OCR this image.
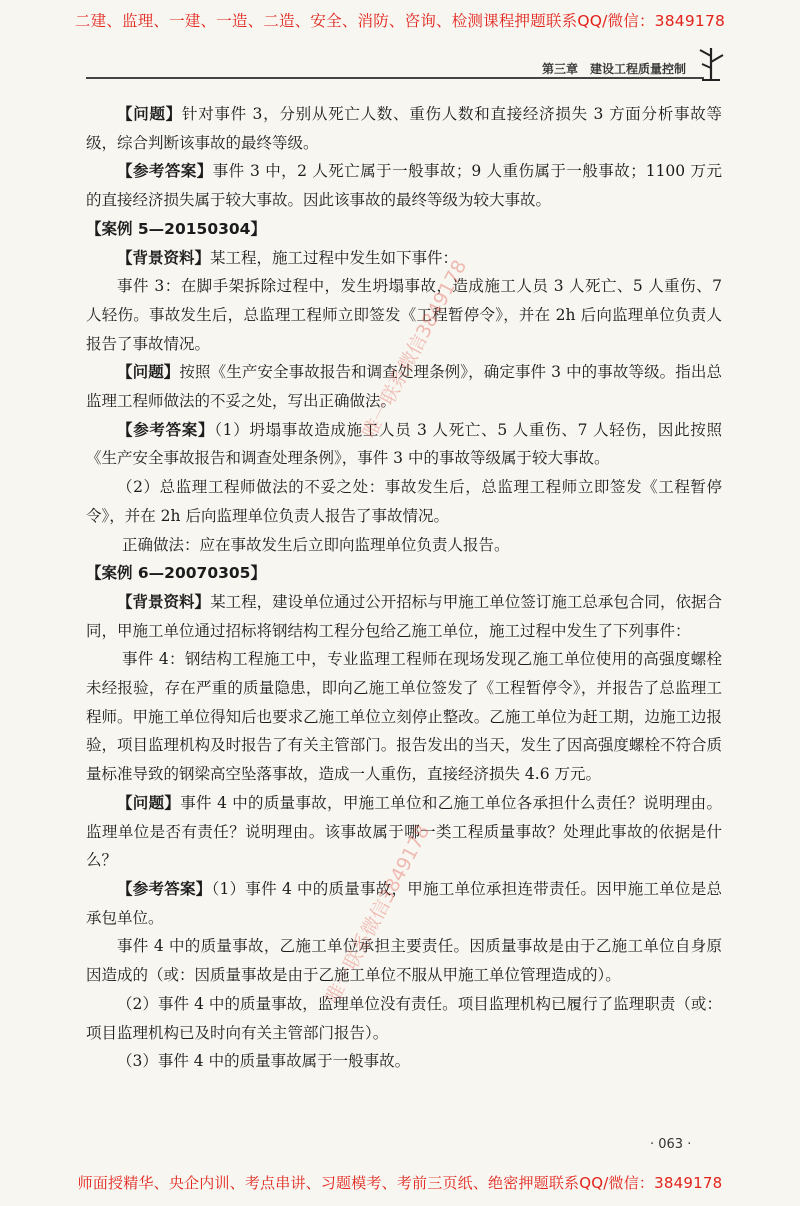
二建、监理、一建、一造、二造、安全、消防、咨询、检测课程押题联系QQ/微信：3849178
第三章　建设工程质量控制

【问题】针对事件 3，分别从死亡人数、重伤人数和直接经济损失 3 方面分析事故等级，综合判断该事故的最终等级。

【参考答案】事件 3 中，2 人死亡属于一般事故；9 人重伤属于一般事故；1100 万元的直接经济损失属于较大事故。因此该事故的最终等级为较大事故。

【案例 5—20150304】

【背景资料】某工程，施工过程中发生如下事件：

事件 3：在脚手架拆除过程中，发生坍塌事故，造成施工人员 3 人死亡、5 人重伤、7 人轻伤。事故发生后，总监理工程师立即签发《工程暂停令》，并在 2h 后向监理单位负责人报告了事故情况。

【问题】按照《生产安全事故报告和调查处理条例》，确定事件 3 中的事故等级。指出总监理工程师做法的不妥之处，写出正确做法。

【参考答案】（1）坍塌事故造成施工人员 3 人死亡、5 人重伤、7 人轻伤，因此按照《生产安全事故报告和调查处理条例》，事件 3 中的事故等级属于较大事故。

（2）总监理工程师做法的不妥之处：事故发生后，总监理工程师立即签发《工程暂停令》，并在 2h 后向监理单位负责人报告了事故情况。

正确做法：应在事故发生后立即向监理单位负责人报告。

【案例 6—20070305】

【背景资料】某工程，建设单位通过公开招标与甲施工单位签订施工总承包合同，依据合同，甲施工单位通过招标将钢结构工程分包给乙施工单位，施工过程中发生了下列事件：

事件 4：钢结构工程施工中，专业监理工程师在现场发现乙施工单位使用的高强度螺栓未经报验，存在严重的质量隐患，即向乙施工单位签发了《工程暂停令》，并报告了总监理工程师。甲施工单位得知后也要求乙施工单位立刻停止整改。乙施工单位为赶工期，边施工边报验，项目监理机构及时报告了有关主管部门。报告发出的当天，发生了因高强度螺栓不符合质量标准导致的钢梁高空坠落事故，造成一人重伤，直接经济损失 4.6 万元。

【问题】事件 4 中的质量事故，甲施工单位和乙施工单位各承担什么责任？说明理由。监理单位是否有责任？说明理由。该事故属于哪一类工程质量事故？处理此事故的依据是什么？

【参考答案】（1）事件 4 中的质量事故，甲施工单位承担连带责任。因甲施工单位是总承包单位。

事件 4 中的质量事故，乙施工单位承担主要责任。因质量事故是由于乙施工单位自身原因造成的（或：因质量事故是由于乙施工单位不服从甲施工单位管理造成的）。

（2）事件 4 中的质量事故，监理单位没有责任。项目监理机构已履行了监理职责（或：项目监理机构已及时向有关主管部门报告）。

（3）事件 4 中的质量事故属于一般事故。

唯一联系微信3849178
唯一联系微信3849178
· 063 ·
师面授精华、央企内训、考点串讲、习题模考、考前三页纸、绝密押题联系QQ/微信：3849178
